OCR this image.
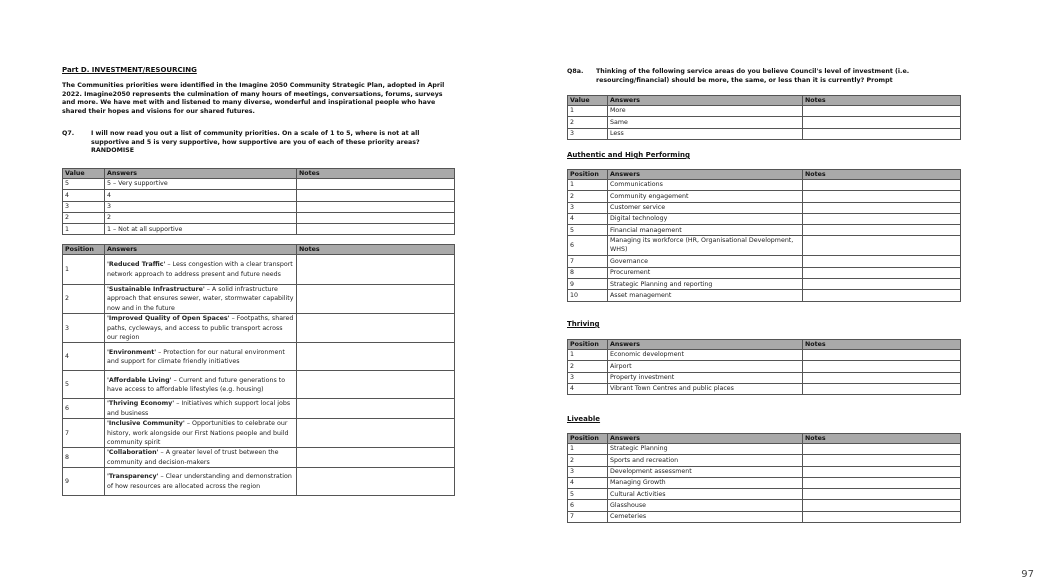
Part D. INVESTMENT/RESOURCING
The Communities priorities were identified in the Imagine 2050 Community Strategic Plan, adopted in April 2022. Imagine2050 represents the culmination of many hours of meetings, conversations, forums, surveys and more. We have met with and listened to many diverse, wonderful and inspirational people who have shared their hopes and visions for our shared futures.
Q7.	I will now read you out a list of community priorities. On a scale of 1 to 5, where is not at all supportive and 5 is very supportive, how supportive are you of each of these priority areas? RANDOMISE
Value	Answers	Notes
5	5 – Very supportive	
4	4	
3	3	
2	2	
1	1 – Not at all supportive	
Position	Answers	Notes
1	'Reduced Traffic' – Less congestion with a clear transport network approach to address present and future needs	
2	'Sustainable Infrastructure' – A solid infrastructure approach that ensures sewer, water, stormwater capability now and in the future	
3	'Improved Quality of Open Spaces' – Footpaths, shared paths, cycleways, and access to public transport across our region	
4	'Environment' – Protection for our natural environment and support for climate friendly initiatives	
5	'Affordable Living' – Current and future generations to have access to affordable lifestyles (e.g. housing)	
6	'Thriving Economy' – Initiatives which support local jobs and business	
7	'Inclusive Community' – Opportunities to celebrate our history, work alongside our First Nations people and build community spirit	
8	'Collaboration' – A greater level of trust between the community and decision-makers	
9	'Transparency' – Clear understanding and demonstration of how resources are allocated across the region	
Q8a. Thinking of the following service areas do you believe Council's level of investment (i.e. resourcing/financial) should be more, the same, or less than it is currently? Prompt
Value	Answers	Notes
1	More	
2	Same	
3	Less	
Authentic and High Performing
Position	Answers	Notes
1	Communications	
2	Community engagement	
3	Customer service	
4	Digital technology	
5	Financial management	
6	Managing its workforce (HR, Organisational Development, WHS)	
7	Governance	
8	Procurement	
9	Strategic Planning and reporting	
10	Asset management	
Thriving
Position	Answers	Notes
1	Economic development	
2	Airport	
3	Property investment	
4	Vibrant Town Centres and public places	
Liveable
Position	Answers	Notes
1	Strategic Planning	
2	Sports and recreation	
3	Development assessment	
4	Managing Growth	
5	Cultural Activities	
6	Glasshouse	
7	Cemeteries	
97
